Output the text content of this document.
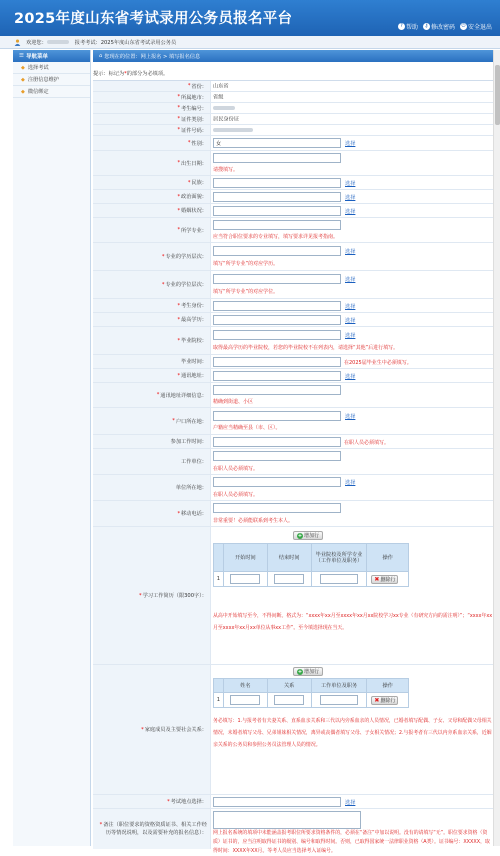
2025年度山东省考试录用公务员报名平台	? 帮助	⚷ 修改密码	⏻ 安全退出
欢迎您：	报考考试：2025年度山东省考试录用公务员
☰ 导航菜单
◆ 选择考试
◆ 注册信息维护
◆ 微信绑定
⌂ 您现在的位置：网上报名 > 填写报名信息
提示：标记为*的部分为必填项。
* 省份： 山东省
* 所属地市： 省级
* 考生编号：
* 证件类别： 居民身份证
* 证件号码：
* 性别：
女	选择
* 出生日期：
请搜填写。
* 民族：	选择
* 政治面貌：	选择
* 婚姻状况：	选择
* 所学专业：
应当符合职位要求的专业填写，填写要求详见报考指南。
* 专业的学历层次：
选择
填写“所学专业”的对应学历。
* 专业的学位层次：
选择
填写“所学专业”的对应学位。
* 考生身份：	选择
* 最高学历：	选择
* 毕业院校：
选择
取得最高学历的毕业院校，若您的毕业院校不在列表内，请选择“其他”后进行填写。
毕业时间：	在2025届毕业生中必须填写。
* 通讯地址：	选择
* 通讯地址详细信息：
精确到街道、小区
* 户口所在地：
选择
户籍应当精确至县（市、区）。
参加工作时间：	在职人员必须填写。
工作单位：
在职人员必须填写。
单位所在地：
选择
在职人员必须填写。
* 移动电话：
非常重要！必须能联系到考生本人。
* 学习工作简历（限300字）：
+ 增加行
	开始时间	结束时间	毕业院校及所学专业（工作单位及职务）	操作
1				✖ 删除行
从高中开始填写至今，不得间断。格式为：“xxxx年xx月至xxxx年xx月xx院校学习xx专业（有研究方向的需注明）”；“xxxx年xx月至xxxx年xx月xx单位从事xx工作”。至今填选择现在当天。
* 家庭成员及主要社会关系：
+ 增加行
	姓名	关系	工作单位及职务	操作
1				✖ 删除行
务必填写：1.与报考者有夫妻关系、直系血亲关系和三代以内旁系血亲的人员情况，已婚者填写配偶、子女、父母和配偶父母相关情况，未婚者填写父母、兄弟姐妹相关情况，离异或丧偶者填写父母、子女相关情况；2.与报考者有三代以内旁系血亲关系，近姻亲关系的公务员和参照公务员法管理人员的情况。
* 考试地点选择：	选择
*备注（职位要求的资格资质证书、相关工作经历等情况说明，以及需要补充的报名信息）： 网上报名系统的填项中未能涵盖报考职位所要求资格条件的，必须在“备注”中加以说明。没有的请填写“无”。职位要求资格（资质）证书的，应当注明取得证书的级别、编号和取得时间。否则，已取得国家统一法律职业资格（A类）。证书编号：XXXXX，取得时间：XXXX年XX月。等考人员应当选择考入证编号。
